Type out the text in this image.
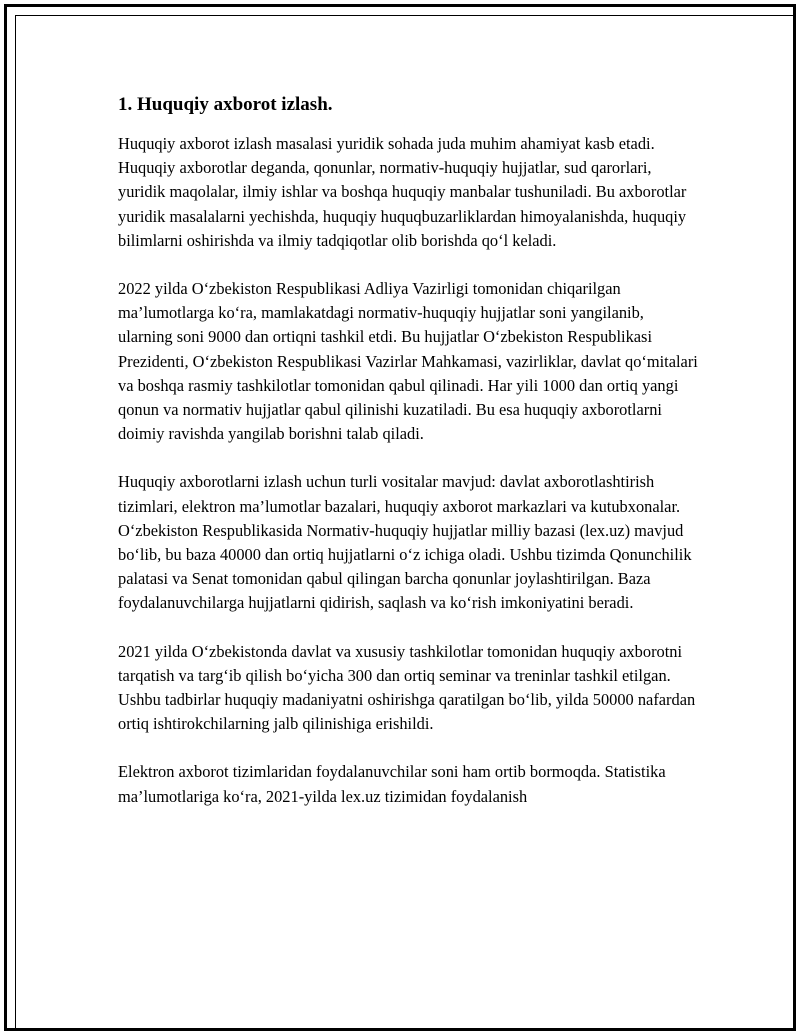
1. Huquqiy axborot izlash.

Huquqiy axborot izlash masalasi yuridik sohada juda muhim ahamiyat kasb etadi. Huquqiy axborotlar deganda, qonunlar, normativ-huquqiy hujjatlar, sud qarorlari, yuridik maqolalar, ilmiy ishlar va boshqa huquqiy manbalar tushuniladi. Bu axborotlar yuridik masalalarni yechishda, huquqiy huquqbuzarliklardan himoyalanishda, huquqiy bilimlarni oshirishda va ilmiy tadqiqotlar olib borishda qo‘l keladi.

2022 yilda O‘zbekiston Respublikasi Adliya Vazirligi tomonidan chiqarilgan ma’lumotlarga ko‘ra, mamlakatdagi normativ-huquqiy hujjatlar soni yangilanib, ularning soni 9000 dan ortiqni tashkil etdi. Bu hujjatlar O‘zbekiston Respublikasi Prezidenti, O‘zbekiston Respublikasi Vazirlar Mahkamasi, vazirliklar, davlat qo‘mitalari va boshqa rasmiy tashkilotlar tomonidan qabul qilinadi. Har yili 1000 dan ortiq yangi qonun va normativ hujjatlar qabul qilinishi kuzatiladi. Bu esa huquqiy axborotlarni doimiy ravishda yangilab borishni talab qiladi.

Huquqiy axborotlarni izlash uchun turli vositalar mavjud: davlat axborotlashtirish tizimlari, elektron ma’lumotlar bazalari, huquqiy axborot markazlari va kutubxonalar. O‘zbekiston Respublikasida Normativ-huquqiy hujjatlar milliy bazasi (lex.uz) mavjud bo‘lib, bu baza 40000 dan ortiq hujjatlarni o‘z ichiga oladi. Ushbu tizimda Qonunchilik palatasi va Senat tomonidan qabul qilingan barcha qonunlar joylashtirilgan. Baza foydalanuvchilarga hujjatlarni qidirish, saqlash va ko‘rish imkoniyatini beradi.

2021 yilda O‘zbekistonda davlat va xususiy tashkilotlar tomonidan huquqiy axborotni tarqatish va targ‘ib qilish bo‘yicha 300 dan ortiq seminar va treninlar tashkil etilgan. Ushbu tadbirlar huquqiy madaniyatni oshirishga qaratilgan bo‘lib, yilda 50000 nafardan ortiq ishtirokchilarning jalb qilinishiga erishildi.

Elektron axborot tizimlaridan foydalanuvchilar soni ham ortib bormoqda. Statistika ma’lumotlariga ko‘ra, 2021-yilda lex.uz tizimidan foydalanish
